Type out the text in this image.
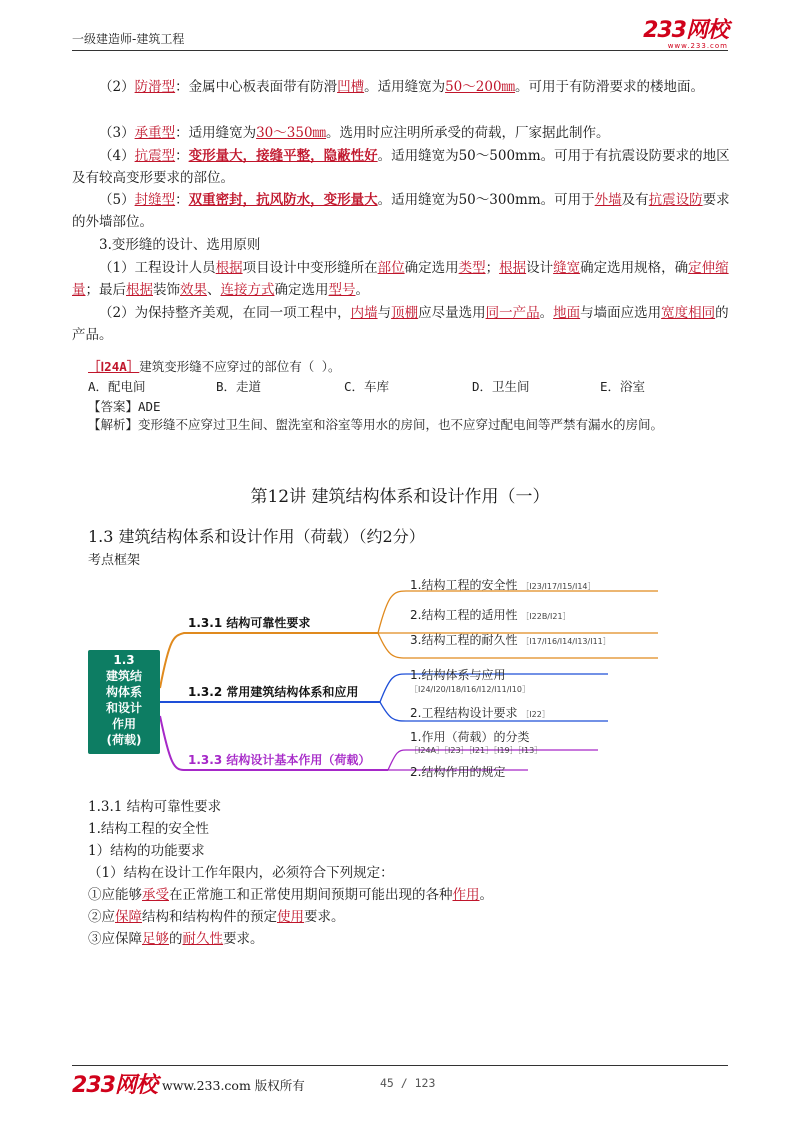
一级建造师-建筑工程	233网校
www.233.com
（2）防滑型：金属中心板表面带有防滑凹槽。适用缝宽为50～200㎜。可用于有防滑要求的楼地面。
（3）承重型：适用缝宽为30～350㎜。选用时应注明所承受的荷载，厂家据此制作。
（4）抗震型：变形量大，接缝平整，隐蔽性好。适用缝宽为50～500mm。可用于有抗震设防要求的地区及有较高变形要求的部位。
（5）封缝型：双重密封，抗风防水，变形量大。适用缝宽为50～300mm。可用于外墙及有抗震设防要求的外墙部位。
3.变形缝的设计、选用原则
（1）工程设计人员根据项目设计中变形缝所在部位确定选用类型；根据设计缝宽确定选用规格，确定伸缩量；最后根据装饰效果、连接方式确定选用型号。
（2）为保持整齐美观，在同一项工程中，内墙与顶棚应尽量选用同一产品。地面与墙面应选用宽度相同的产品。
［Ⅰ24A］建筑变形缝不应穿过的部位有（ ）。
A．配电间	B．走道	C．车库	D．卫生间	E．浴室
【答案】ADE
【解析】变形缝不应穿过卫生间、盥洗室和浴室等用水的房间，也不应穿过配电间等严禁有漏水的房间。
第12讲 建筑结构体系和设计作用（一）
1.3 建筑结构体系和设计作用（荷载）（约2分）
考点框架
1.3
建筑结
构体系
和设计
作用
(荷载)
1.3.1 结构可靠性要求
1.3.2 常用建筑结构体系和应用
1.3.3 结构设计基本作用（荷载）
1.结构工程的安全性 ［I23/I17/I15/I14］
2.结构工程的适用性 ［I22B/I21］
3.结构工程的耐久性 ［I17/I16/I14/I13/I11］
1.结构体系与应用
［I24/I20/I18/I16/I12/I11/I10］
2.工程结构设计要求 ［I22］
1.作用（荷载）的分类
［I24A］［I23］［I21］［I19］［I13］
2.结构作用的规定
1.3.1 结构可靠性要求
1.结构工程的安全性
1）结构的功能要求
（1）结构在设计工作年限内，必须符合下列规定：
①应能够承受在正常施工和正常使用期间预期可能出现的各种作用。
②应保障结构和结构构件的预定使用要求。
③应保障足够的耐久性要求。
233网校 www.233.com 版权所有	45 / 123
